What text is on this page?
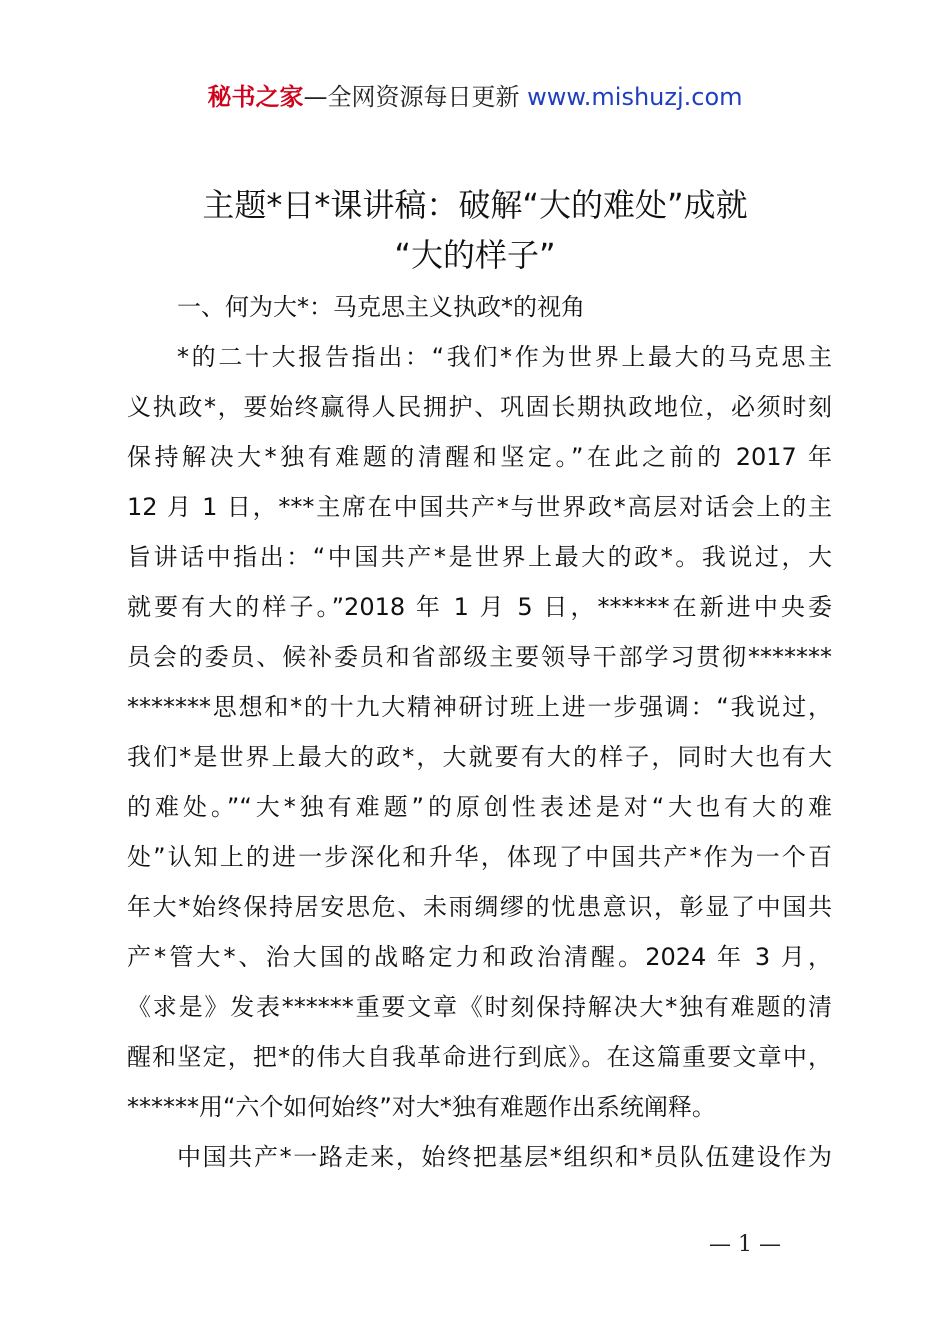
秘书之家—全网资源每日更新 www.mishuzj.com
主题*日*课讲稿：破解“大的难处”成就
“大的样子”
一、何为大*：马克思主义执政*的视角
*的二十大报告指出：“我们*作为世界上最大的马克思主
义执政*，要始终赢得人民拥护、巩固长期执政地位，必须时刻
保持解决大*独有难题的清醒和坚定。”在此之前的 2017 年
12 月 1 日，***主席在中国共产*与世界政*高层对话会上的主
旨讲话中指出：“中国共产*是世界上最大的政*。我说过，大
就要有大的样子。”2018 年 1 月 5 日，******在新进中央委
员会的委员、候补委员和省部级主要领导干部学习贯彻*******
*******思想和*的十九大精神研讨班上进一步强调：“我说过，
我们*是世界上最大的政*，大就要有大的样子，同时大也有大
的难处。”“大*独有难题”的原创性表述是对“大也有大的难
处”认知上的进一步深化和升华，体现了中国共产*作为一个百
年大*始终保持居安思危、未雨绸缪的忧患意识，彰显了中国共
产*管大*、治大国的战略定力和政治清醒。2024 年 3 月，
《求是》发表******重要文章《时刻保持解决大*独有难题的清
醒和坚定，把*的伟大自我革命进行到底》。在这篇重要文章中，
******用“六个如何始终”对大*独有难题作出系统阐释。
中国共产*一路走来，始终把基层*组织和*员队伍建设作为
— 1 —
